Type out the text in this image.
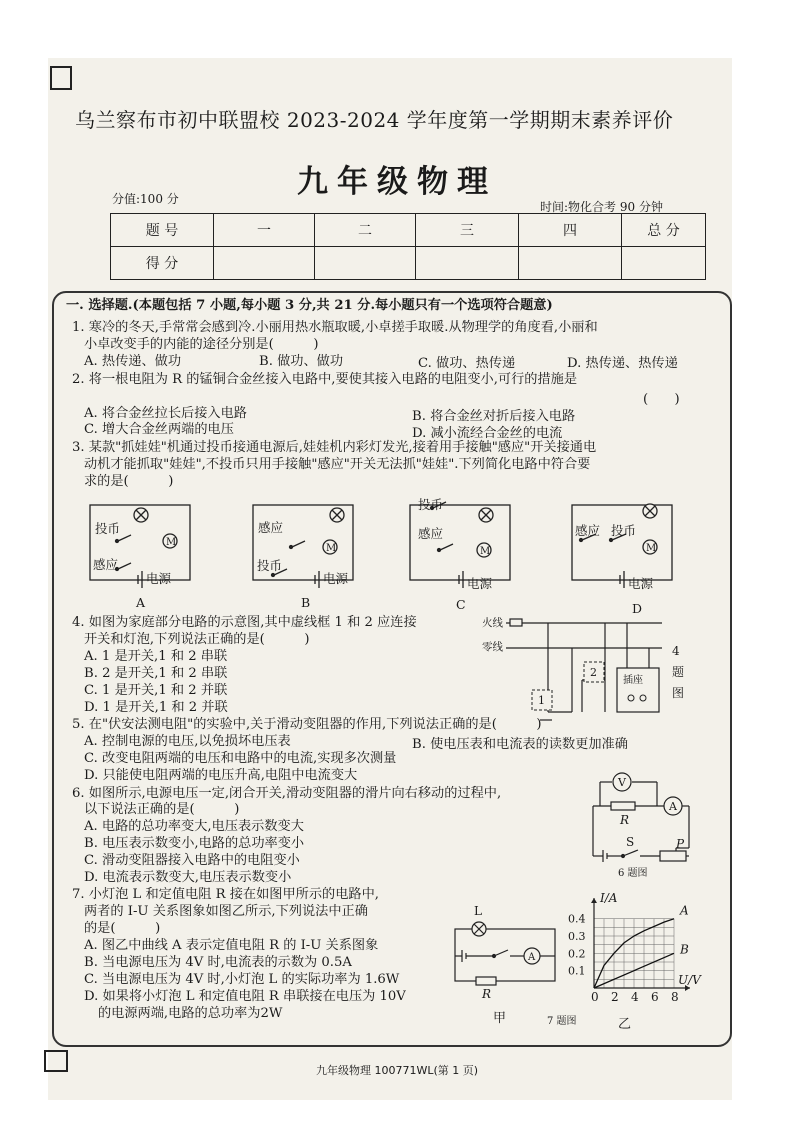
乌兰察布市初中联盟校 2023-2024 学年度第一学期期末素养评价
九年级物理
分值:100 分
时间:物化合考 90 分钟
题 号	一	二	三	四	总 分
得 分					
一. 选择题.(本题包括 7 小题,每小题 3 分,共 21 分.每小题只有一个选项符合题意)
1. 寒冷的冬天,手常常会感到冷.小丽用热水瓶取暖,小卓搓手取暖.从物理学的角度看,小丽和
小卓改变手的内能的途径分别是(　　　)
A. 热传递、做功	B. 做功、做功	C. 做功、热传递	D. 热传递、热传递
2. 将一根电阻为 R 的锰铜合金丝接入电路中,要使其接入电路的电阻变小,可行的措施是
(　　)
A. 将合金丝拉长后接入电路	B. 将合金丝对折后接入电路
C. 增大合金丝两端的电压	D. 减小流经合金丝的电流
3. 某款"抓娃娃"机通过投币接通电源后,娃娃机内彩灯发光,接着用手接触"感应"开关接通电
动机才能抓取"娃娃",不投币只用手接触"感应"开关无法抓"娃娃".下列简化电路中符合要
求的是(　　　)
投币
感应
电源
M
A
感应
投币
电源
M
B
投币
感应
电源
M
C
感应 投币
电源
M
D
4. 如图为家庭部分电路的示意图,其中虚线框 1 和 2 应连接
开关和灯泡,下列说法正确的是(　　　)
A. 1 是开关,1 和 2 串联
B. 2 是开关,1 和 2 串联
C. 1 是开关,1 和 2 并联
D. 1 是开关,1 和 2 并联
火线
零线
2
1
插座
4
题
图
5. 在"伏安法测电阻"的实验中,关于滑动变阻器的作用,下列说法正确的是(　　　)
A. 控制电源的电压,以免损坏电压表	B. 使电压表和电流表的读数更加准确
C. 改变电阻两端的电压和电路中的电流,实现多次测量
D. 只能使电阻两端的电压升高,电阻中电流变大
6. 如图所示,电源电压一定,闭合开关,滑动变阻器的滑片向右移动的过程中,
以下说法正确的是(　　　)
A. 电路的总功率变大,电压表示数变大
B. 电压表示数变小,电路的总功率变小
C. 滑动变阻器接入电路中的电阻变小
D. 电流表示数变大,电压表示数变小
V
A
R
S	P
6 题图
7. 小灯泡 L 和定值电阻 R 接在如图甲所示的电路中,
两者的 I-U 关系图象如图乙所示,下列说法中正确
的是(　　　)
A. 图乙中曲线 A 表示定值电阻 R 的 I-U 关系图象
B. 当电源电压为 4V 时,电流表的示数为 0.5A
C. 当电源电压为 4V 时,小灯泡 L 的实际功率为 1.6W
D. 如果将小灯泡 L 和定值电阻 R 串联接在电压为 10V
的电源两端,电路的总功率为2W
L
A
R
甲	7 题图	乙
0 2 4 6 8
0.1
0.2
0.3
0.4
U/V
I/A
A
B
九年级物理 100771WL(第 1 页)
